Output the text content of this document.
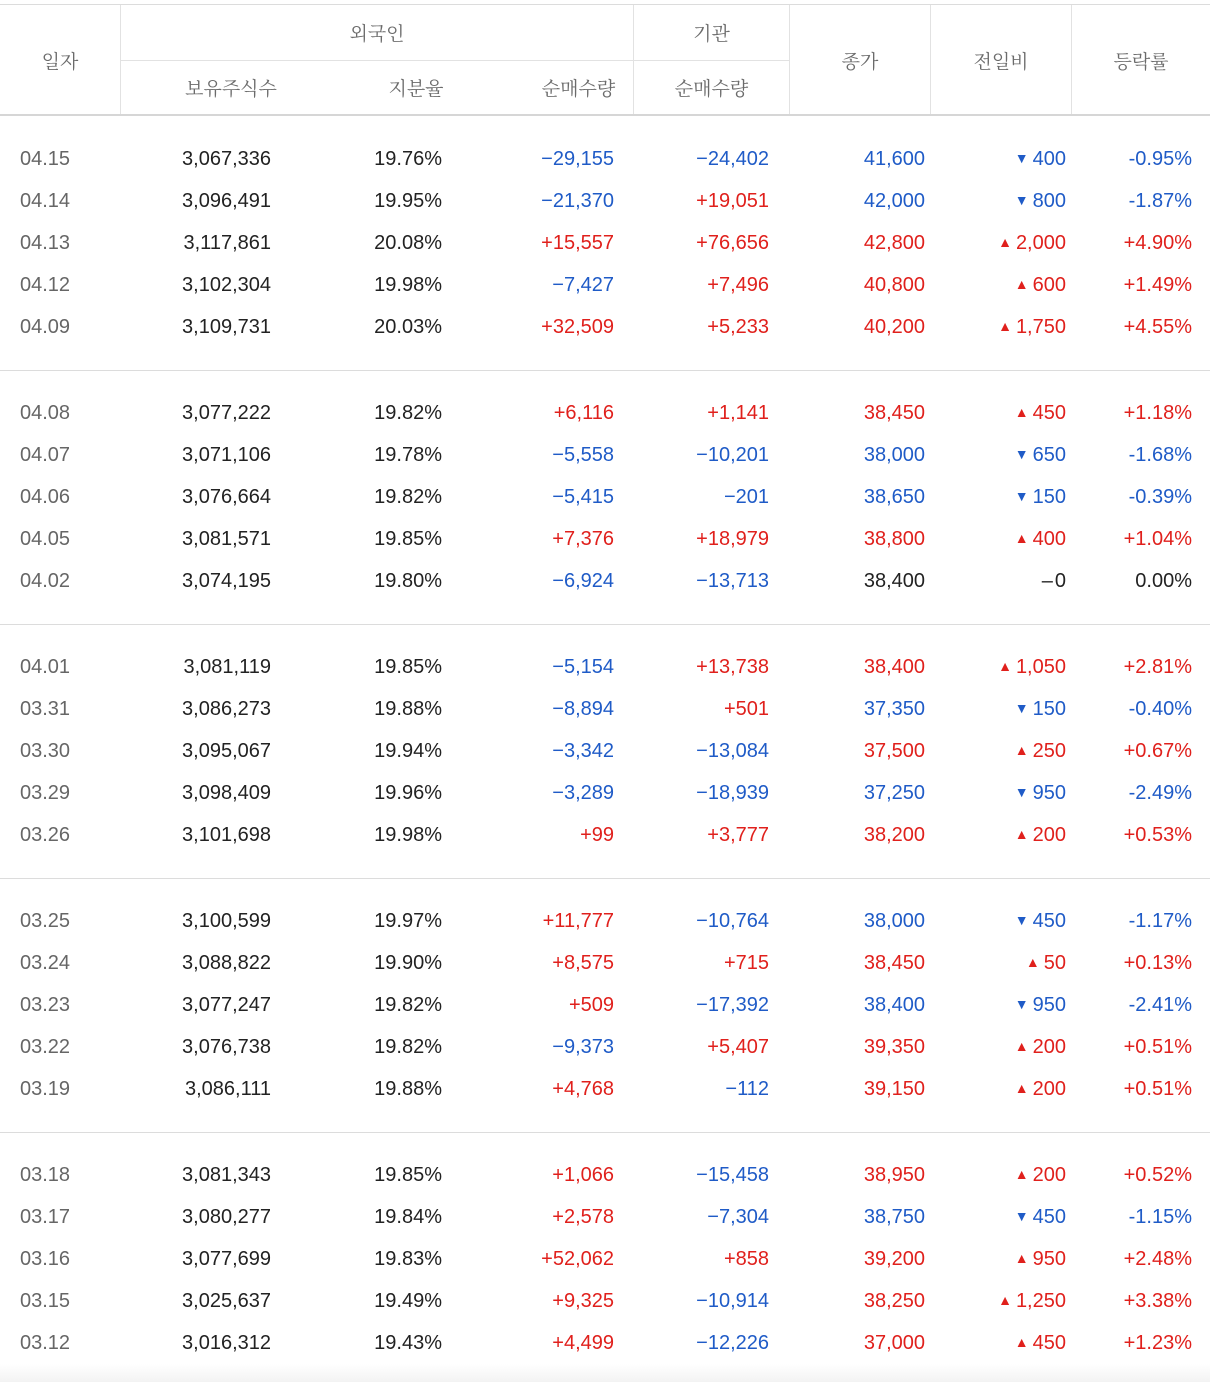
일자
외국인	기관
보유주식수	지분율	순매수량	순매수량
종가	전일비	등락률
04.15	3,067,336	19.76%	−29,155	−24,402	41,600	▼ 400	-0.95%
04.14	3,096,491	19.95%	−21,370	+19,051	42,000	▼ 800	-1.87%
04.13	3,117,861	20.08%	+15,557	+76,656	42,800	▲ 2,000	+4.90%
04.12	3,102,304	19.98%	−7,427	+7,496	40,800	▲ 600	+1.49%
04.09	3,109,731	20.03%	+32,509	+5,233	40,200	▲ 1,750	+4.55%
04.08	3,077,222	19.82%	+6,116	+1,141	38,450	▲ 450	+1.18%
04.07	3,071,106	19.78%	−5,558	−10,201	38,000	▼ 650	-1.68%
04.06	3,076,664	19.82%	−5,415	−201	38,650	▼ 150	-0.39%
04.05	3,081,571	19.85%	+7,376	+18,979	38,800	▲ 400	+1.04%
04.02	3,074,195	19.80%	−6,924	−13,713	38,400	– 0	0.00%
04.01	3,081,119	19.85%	−5,154	+13,738	38,400	▲ 1,050	+2.81%
03.31	3,086,273	19.88%	−8,894	+501	37,350	▼ 150	-0.40%
03.30	3,095,067	19.94%	−3,342	−13,084	37,500	▲ 250	+0.67%
03.29	3,098,409	19.96%	−3,289	−18,939	37,250	▼ 950	-2.49%
03.26	3,101,698	19.98%	+99	+3,777	38,200	▲ 200	+0.53%
03.25	3,100,599	19.97%	+11,777	−10,764	38,000	▼ 450	-1.17%
03.24	3,088,822	19.90%	+8,575	+715	38,450	▲ 50	+0.13%
03.23	3,077,247	19.82%	+509	−17,392	38,400	▼ 950	-2.41%
03.22	3,076,738	19.82%	−9,373	+5,407	39,350	▲ 200	+0.51%
03.19	3,086,111	19.88%	+4,768	−112	39,150	▲ 200	+0.51%
03.18	3,081,343	19.85%	+1,066	−15,458	38,950	▲ 200	+0.52%
03.17	3,080,277	19.84%	+2,578	−7,304	38,750	▼ 450	-1.15%
03.16	3,077,699	19.83%	+52,062	+858	39,200	▲ 950	+2.48%
03.15	3,025,637	19.49%	+9,325	−10,914	38,250	▲ 1,250	+3.38%
03.12	3,016,312	19.43%	+4,499	−12,226	37,000	▲ 450	+1.23%
